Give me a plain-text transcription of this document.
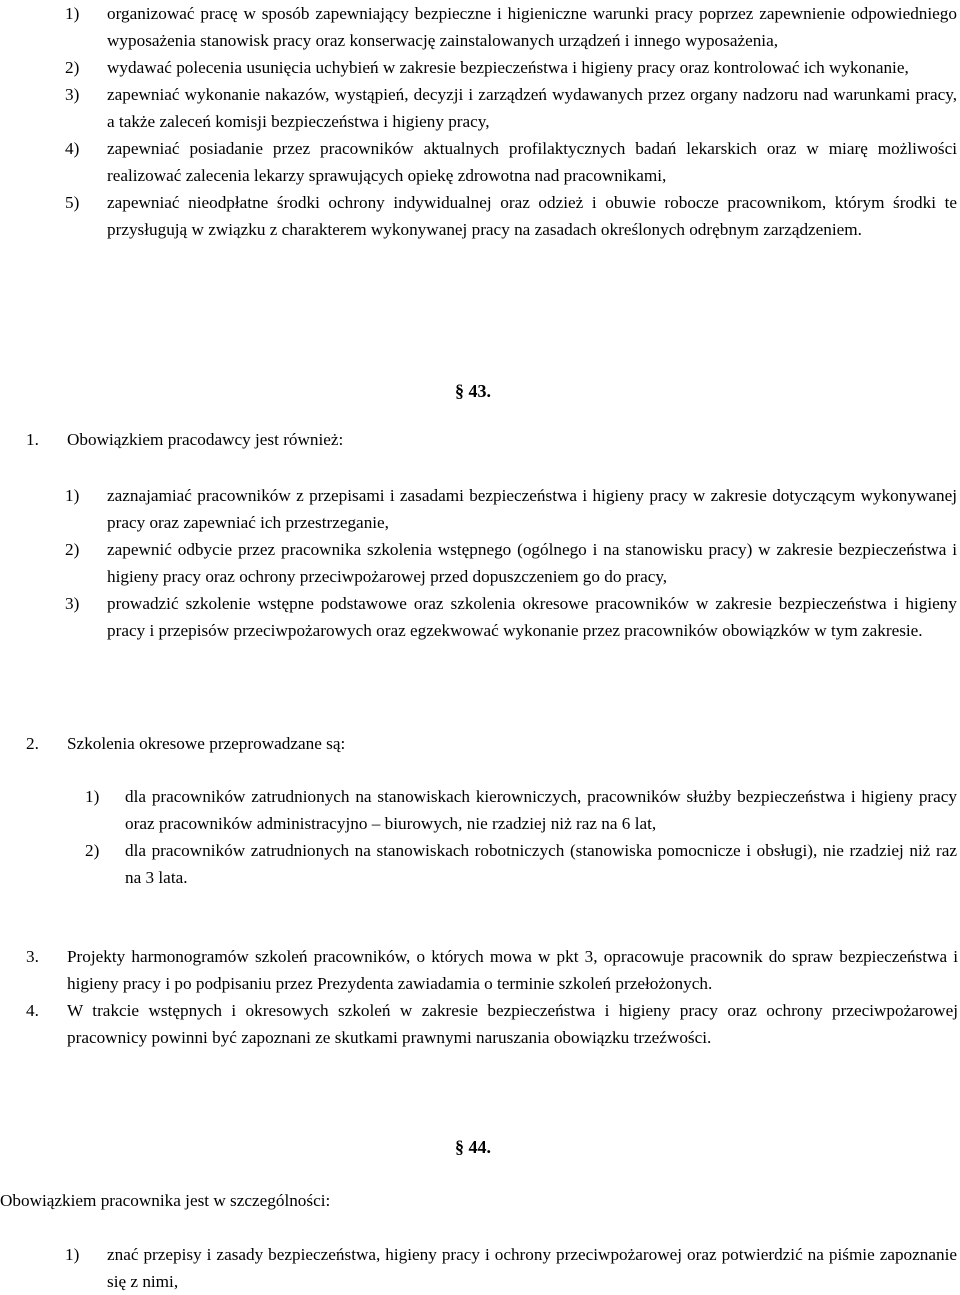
1) organizować pracę w sposób zapewniający bezpieczne i higieniczne warunki pracy poprzez zapewnienie odpowiedniego wyposażenia stanowisk pracy oraz konserwację zainstalowanych urządzeń i innego wyposażenia,
2) wydawać polecenia usunięcia uchybień w zakresie bezpieczeństwa i higieny pracy oraz kontrolować ich wykonanie,
3) zapewniać wykonanie nakazów, wystąpień, decyzji i zarządzeń wydawanych przez organy nadzoru nad warunkami pracy, a także zaleceń komisji bezpieczeństwa i higieny pracy,
4) zapewniać posiadanie przez pracowników aktualnych profilaktycznych badań lekarskich oraz w miarę możliwości realizować zalecenia lekarzy sprawujących opiekę zdrowotna nad pracownikami,
5) zapewniać nieodpłatne środki ochrony indywidualnej oraz odzież i obuwie robocze pracownikom, którym środki te przysługują w związku z charakterem wykonywanej pracy na zasadach określonych odrębnym zarządzeniem.
§ 43.
1. Obowiązkiem pracodawcy jest również:
1) zaznajamiać pracowników z przepisami i zasadami bezpieczeństwa i higieny pracy w zakresie dotyczącym wykonywanej pracy oraz zapewniać ich przestrzeganie,
2) zapewnić odbycie przez pracownika szkolenia wstępnego (ogólnego i na stanowisku pracy) w zakresie bezpieczeństwa i higieny pracy oraz ochrony przeciwpożarowej przed dopuszczeniem go do pracy,
3) prowadzić szkolenie wstępne podstawowe oraz szkolenia okresowe pracowników w zakresie bezpieczeństwa i higieny pracy i przepisów przeciwpożarowych oraz egzekwować wykonanie przez pracowników obowiązków w tym zakresie.
2. Szkolenia okresowe przeprowadzane są:
1) dla pracowników zatrudnionych na stanowiskach kierowniczych, pracowników służby bezpieczeństwa i higieny pracy oraz pracowników administracyjno – biurowych, nie rzadziej niż raz na 6 lat,
2) dla pracowników zatrudnionych na stanowiskach robotniczych (stanowiska pomocnicze i obsługi), nie rzadziej niż raz na 3 lata.
3. Projekty harmonogramów szkoleń pracowników, o których mowa w pkt 3, opracowuje pracownik do spraw bezpieczeństwa i higieny pracy i po podpisaniu przez Prezydenta zawiadamia o terminie szkoleń przełożonych.
4. W trakcie wstępnych i okresowych szkoleń w zakresie bezpieczeństwa i higieny pracy oraz ochrony przeciwpożarowej pracownicy powinni być zapoznani ze skutkami prawnymi naruszania obowiązku trzeźwości.
§ 44.
Obowiązkiem pracownika jest w szczególności:
1) znać przepisy i zasady bezpieczeństwa, higieny pracy i ochrony przeciwpożarowej oraz potwierdzić na piśmie zapoznanie się z nimi,
